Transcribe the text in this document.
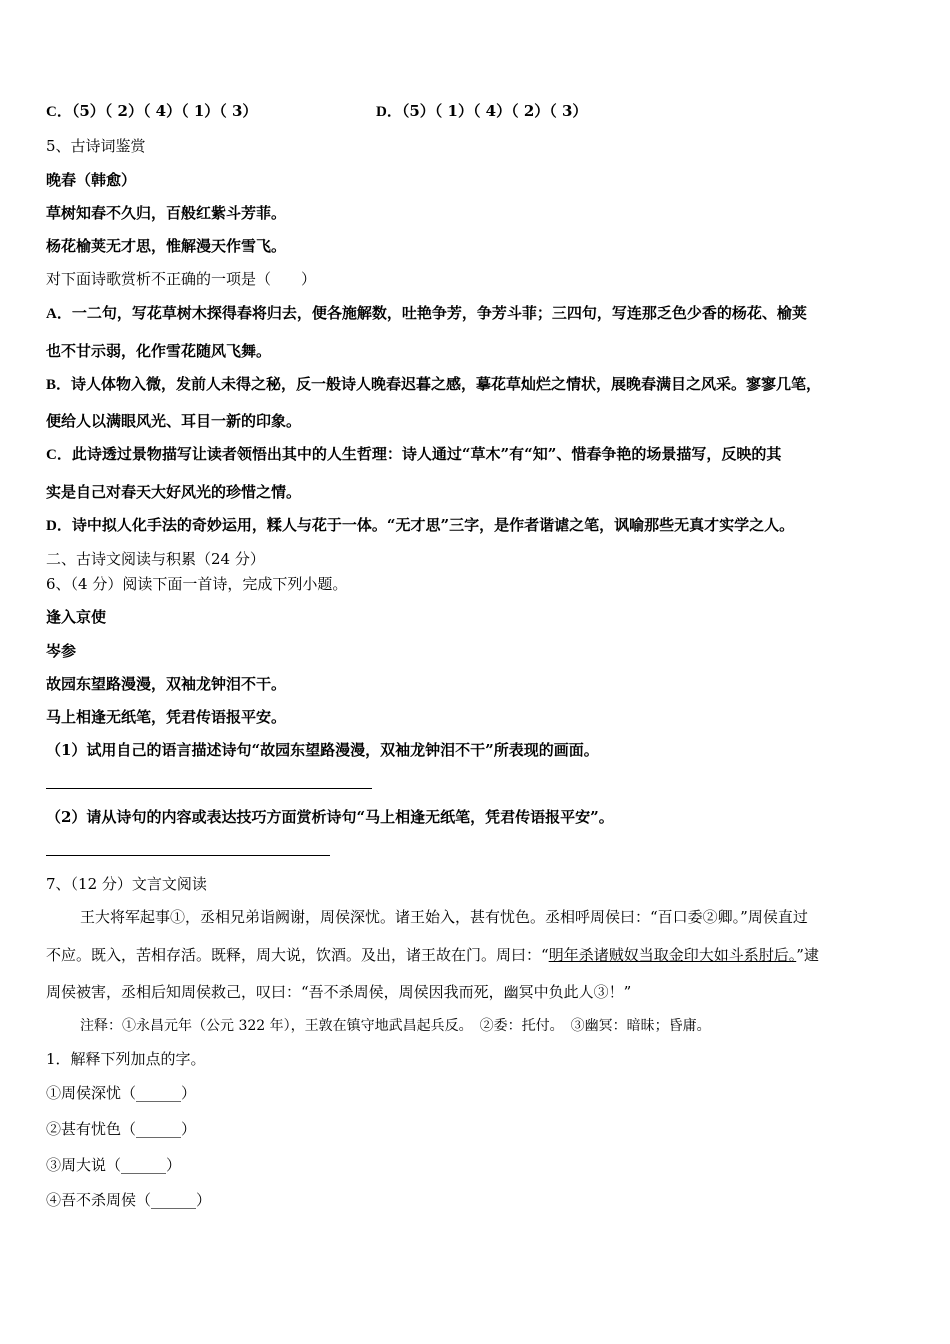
C．（5）（ 2）（ 4）（ 1）（ 3）	D．（5）（ 1）（ 4）（ 2）（ 3）
5、古诗词鉴赏
晚春（韩愈）
草树知春不久归，百般红紫斗芳菲。
杨花榆荚无才思，惟解漫天作雪飞。
对下面诗歌赏析不正确的一项是（　　）
A．一二句，写花草树木探得春将归去，便各施解数，吐艳争芳，争芳斗菲；三四句，写连那乏色少香的杨花、榆荚
也不甘示弱，化作雪花随风飞舞。
B．诗人体物入微，发前人未得之秘，反一般诗人晚春迟暮之感，摹花草灿烂之情状，展晚春满目之风采。寥寥几笔，
便给人以满眼风光、耳目一新的印象。
C．此诗透过景物描写让读者领悟出其中的人生哲理：诗人通过“草木”有“知”、惜春争艳的场景描写，反映的其
实是自己对春天大好风光的珍惜之情。
D．诗中拟人化手法的奇妙运用，糅人与花于一体。“无才思”三字，是作者谐谑之笔，讽喻那些无真才实学之人。
二、古诗文阅读与积累（24 分）
6、（4 分）阅读下面一首诗，完成下列小题。
逢入京使
岑参
故园东望路漫漫，双袖龙钟泪不干。
马上相逢无纸笔，凭君传语报平安。
（1）试用自己的语言描述诗句“故园东望路漫漫，双袖龙钟泪不干”所表现的画面。
（2）请从诗句的内容或表达技巧方面赏析诗句“马上相逢无纸笔，凭君传语报平安”。
7、（12 分）文言文阅读
王大将军起事①，丞相兄弟诣阙谢，周侯深忧。诸王始入，甚有忧色。丞相呼周侯曰：“百口委②卿。”周侯直过
不应。既入，苦相存活。既释，周大说，饮酒。及出，诸王故在门。周曰：“明年杀诸贼奴当取金印大如斗系肘后。”逮
周侯被害，丞相后知周侯救己，叹曰：“吾不杀周侯，周侯因我而死，幽冥中负此人③！”
注释：①永昌元年（公元 322 年），王敦在镇守地武昌起兵反。　②委：托付。　③幽冥：暗昧；昏庸。
1．解释下列加点的字。
①周侯深忧（______）
②甚有忧色（______）
③周大说（______）
④吾不杀周侯（______）
